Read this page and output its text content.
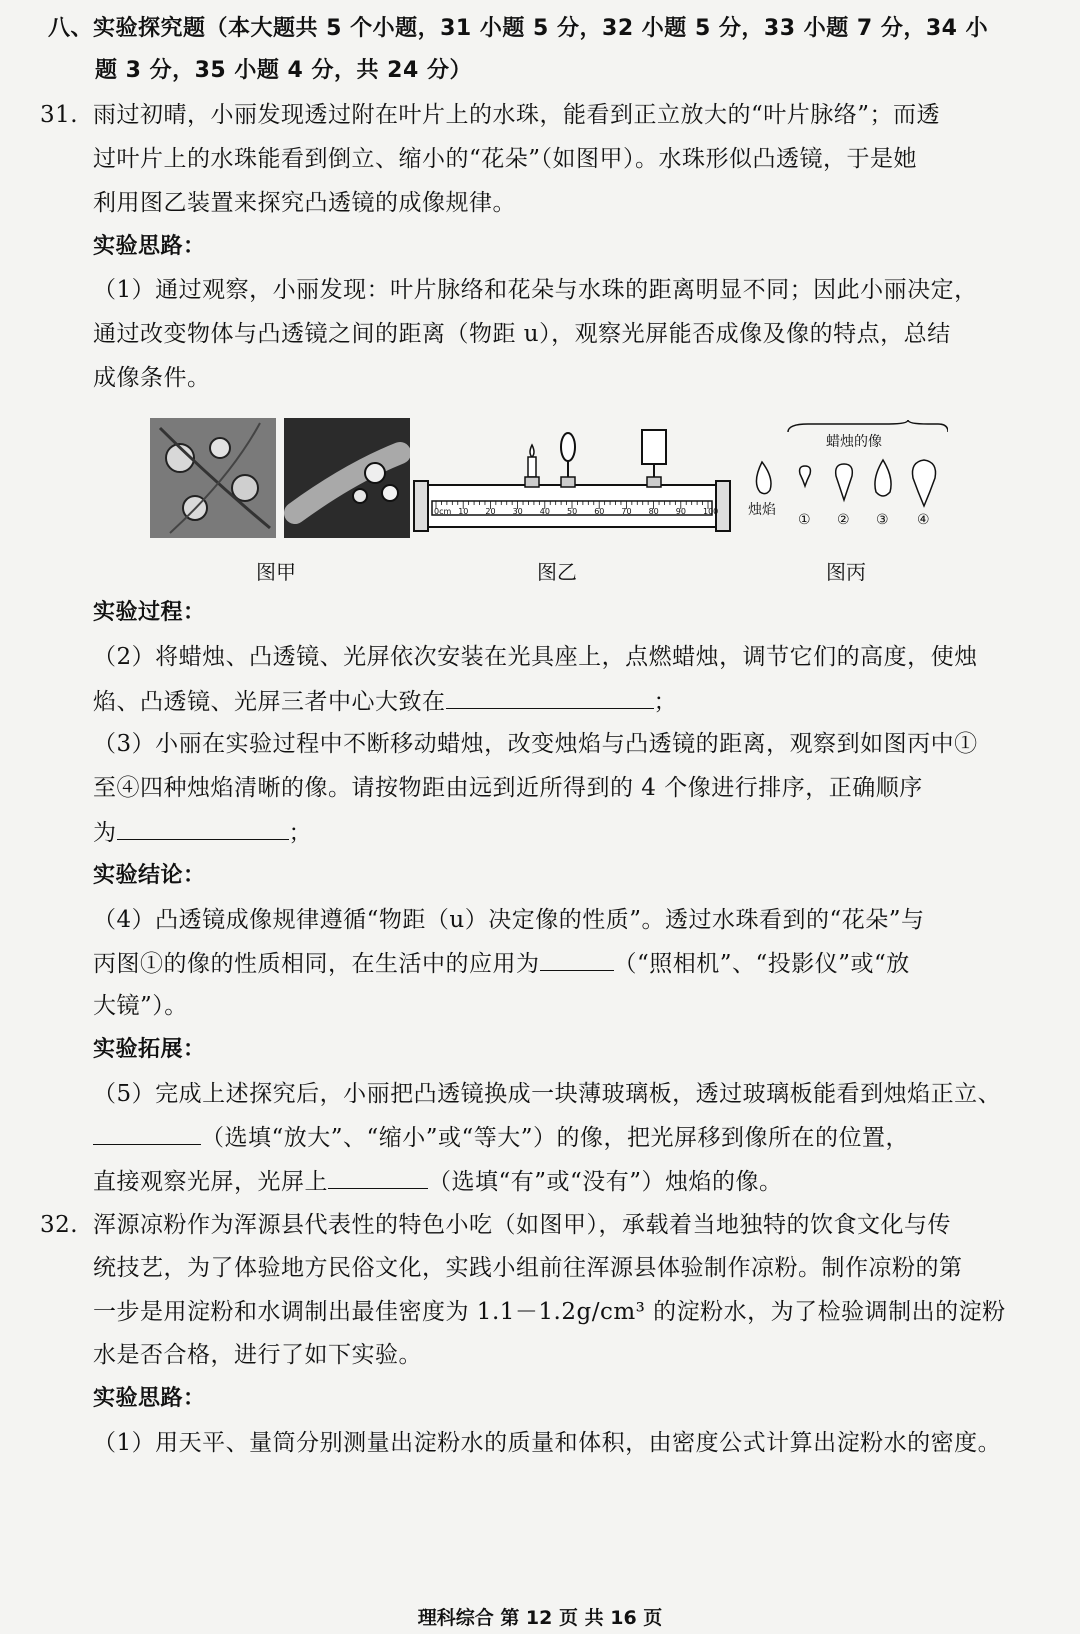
八、实验探究题（本大题共 5 个小题，31 小题 5 分，32 小题 5 分，33 小题 7 分，34 小
题 3 分，35 小题 4 分，共 24 分）
31. 雨过初晴，小丽发现透过附在叶片上的水珠，能看到正立放大的“叶片脉络”；而透
过叶片上的水珠能看到倒立、缩小的“花朵”（如图甲）。水珠形似凸透镜，于是她
利用图乙装置来探究凸透镜的成像规律。
实验思路：
（1）通过观察，小丽发现：叶片脉络和花朵与水珠的距离明显不同；因此小丽决定，
通过改变物体与凸透镜之间的距离（物距 u），观察光屏能否成像及像的特点，总结
成像条件。
图甲
0cm 10 20 30 40 50 60 70 80 90 100
图乙
蜡烛的像
烛焰
① ② ③ ④
图丙
实验过程：
（2）将蜡烛、凸透镜、光屏依次安装在光具座上，点燃蜡烛，调节它们的高度，使烛
焰、凸透镜、光屏三者中心大致在	；
（3）小丽在实验过程中不断移动蜡烛，改变烛焰与凸透镜的距离，观察到如图丙中①
至④四种烛焰清晰的像。请按物距由远到近所得到的 4 个像进行排序，正确顺序
为	；
实验结论：
（4）凸透镜成像规律遵循“物距（u）决定像的性质”。透过水珠看到的“花朵”与
丙图①的像的性质相同，在生活中的应用为	（“照相机”、“投影仪”或“放
大镜”）。
实验拓展：
（5）完成上述探究后，小丽把凸透镜换成一块薄玻璃板，透过玻璃板能看到烛焰正立、
（选填“放大”、“缩小”或“等大”）的像，把光屏移到像所在的位置，
直接观察光屏，光屏上	（选填“有”或“没有”）烛焰的像。
32. 浑源凉粉作为浑源县代表性的特色小吃（如图甲），承载着当地独特的饮食文化与传
统技艺，为了体验地方民俗文化，实践小组前往浑源县体验制作凉粉。制作凉粉的第
一步是用淀粉和水调制出最佳密度为 1.1－1.2g/cm³ 的淀粉水，为了检验调制出的淀粉
水是否合格，进行了如下实验。
实验思路：
（1）用天平、量筒分别测量出淀粉水的质量和体积，由密度公式计算出淀粉水的密度。
理科综合 第 12 页 共 16 页
